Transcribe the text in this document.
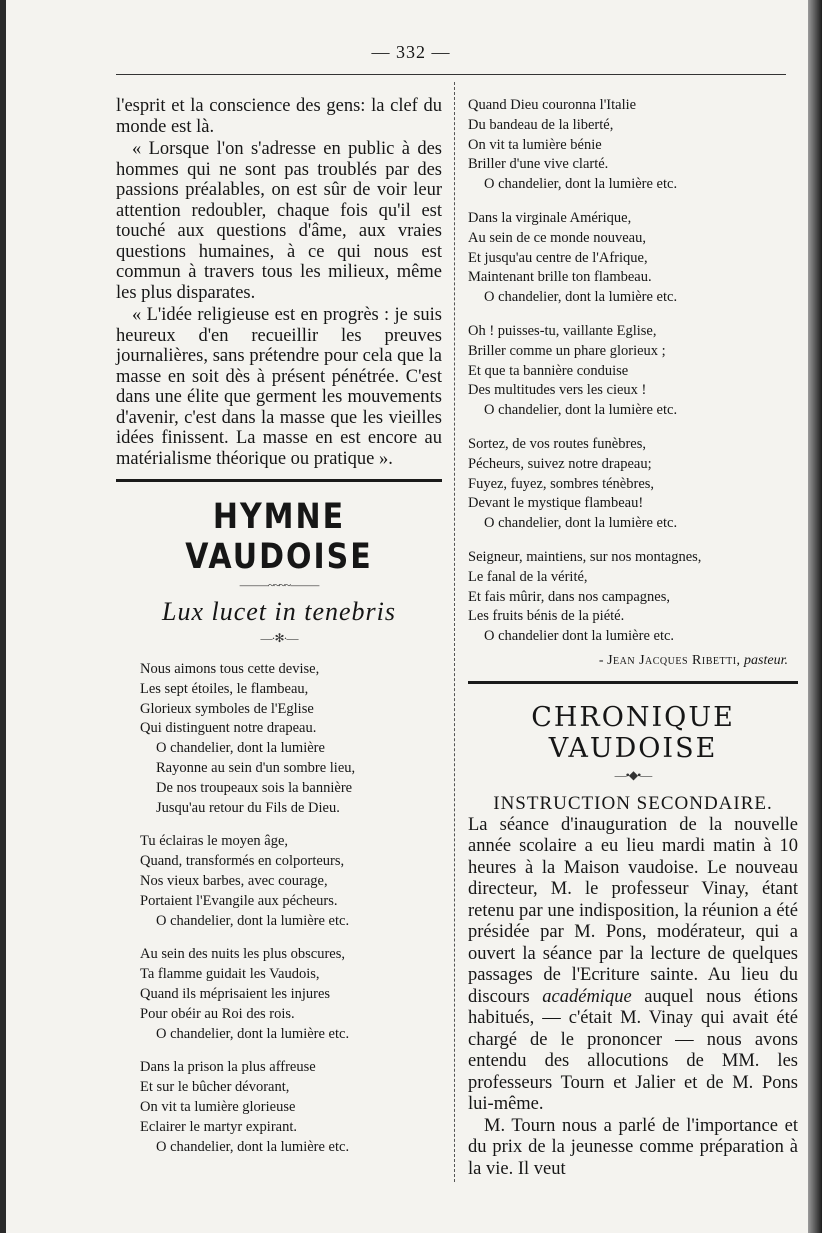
— 332 —

l'esprit et la conscience des gens: la clef du monde est là.

« Lorsque l'on s'adresse en public à des hommes qui ne sont pas troublés par des passions préalables, on est sûr de voir leur attention redoubler, chaque fois qu'il est touché aux questions d'âme, aux vraies questions humaines, à ce qui nous est commun à travers tous les milieux, même les plus disparates.

« L'idée religieuse est en progrès : je suis heureux d'en recueillir les preuves journalières, sans prétendre pour cela que la masse en soit dès à présent pénétrée. C'est dans une élite que germent les mouvements d'avenir, c'est dans la masse que les vieilles idées finissent. La masse en est encore au matérialisme théorique ou pratique ».

HYMNE VAUDOISE
⸻~~~~⸻
Lux lucet in tenebris
—·✻·—
Nous aimons tous cette devise,
Les sept étoiles, le flambeau,
Glorieux symboles de l'Eglise
Qui distinguent notre drapeau.
O chandelier, dont la lumière
Rayonne au sein d'un sombre lieu,
De nos troupeaux sois la bannière
Jusqu'au retour du Fils de Dieu.
Tu éclairas le moyen âge,
Quand, transformés en colporteurs,
Nos vieux barbes, avec courage,
Portaient l'Evangile aux pécheurs.
O chandelier, dont la lumière etc.
Au sein des nuits les plus obscures,
Ta flamme guidait les Vaudois,
Quand ils méprisaient les injures
Pour obéir au Roi des rois.
O chandelier, dont la lumière etc.
Dans la prison la plus affreuse
Et sur le bûcher dévorant,
On vit ta lumière glorieuse
Eclairer le martyr expirant.
O chandelier, dont la lumière etc.
Quand Dieu couronna l'Italie
Du bandeau de la liberté,
On vit ta lumière bénie
Briller d'une vive clarté.
O chandelier, dont la lumière etc.
Dans la virginale Amérique,
Au sein de ce monde nouveau,
Et jusqu'au centre de l'Afrique,
Maintenant brille ton flambeau.
O chandelier, dont la lumière etc.
Oh ! puisses-tu, vaillante Eglise,
Briller comme un phare glorieux ;
Et que ta bannière conduise
Des multitudes vers les cieux !
O chandelier, dont la lumière etc.
Sortez, de vos routes funèbres,
Pécheurs, suivez notre drapeau;
Fuyez, fuyez, sombres ténèbres,
Devant le mystique flambeau!
O chandelier, dont la lumière etc.
Seigneur, maintiens, sur nos montagnes,
Le fanal de la vérité,
Et fais mûrir, dans nos campagnes,
Les fruits bénis de la piété.
O chandelier dont la lumière etc.
- Jean Jacques Ribetti, pasteur.
CHRONIQUE VAUDOISE
—•◆•—
INSTRUCTION SECONDAIRE.

La séance d'inauguration de la nouvelle année scolaire a eu lieu mardi matin à 10 heures à la Maison vaudoise. Le nouveau directeur, M. le professeur Vinay, étant retenu par une indisposition, la réunion a été présidée par M. Pons, modérateur, qui a ouvert la séance par la lecture de quelques passages de l'Ecriture sainte. Au lieu du discours académique auquel nous étions habitués, — c'était M. Vinay qui avait été chargé de le prononcer — nous avons entendu des allocutions de MM. les professeurs Tourn et Jalier et de M. Pons lui-même.

M. Tourn nous a parlé de l'importance et du prix de la jeunesse comme préparation à la vie. Il veut
